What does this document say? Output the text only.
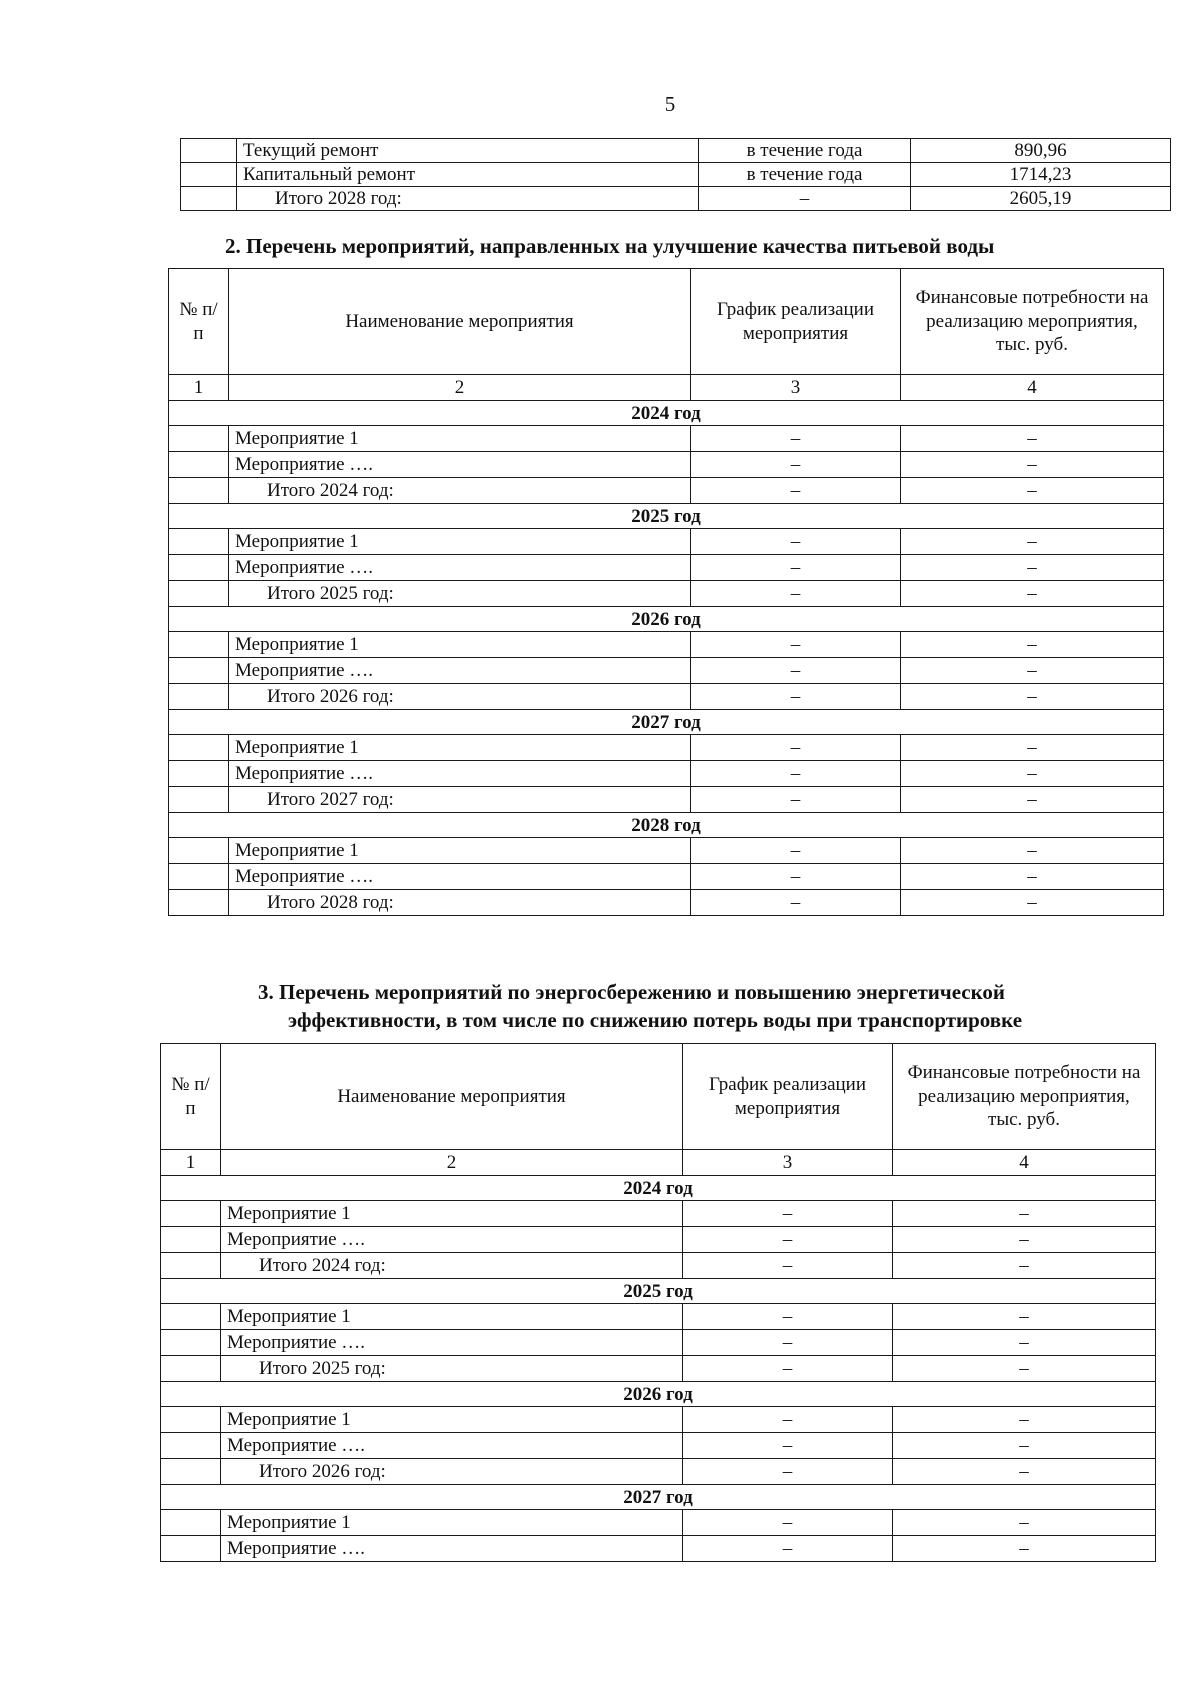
5
	Текущий ремонт	в течение года	890,96
	Капитальный ремонт	в течение года	1714,23
	Итого 2028 год:	–	2605,19
2. Перечень мероприятий, направленных на улучшение качества питьевой воды
№ п/п	Наименование мероприятия	График реализации мероприятия	Финансовые потребности на реализацию мероприятия, тыс. руб.
1	2	3	4
2024 год			
	Мероприятие 1	–	–
	Мероприятие ….	–	–
	Итого 2024 год:	–	–
2025 год			
	Мероприятие 1	–	–
	Мероприятие ….	–	–
	Итого 2025 год:	–	–
2026 год			
	Мероприятие 1	–	–
	Мероприятие ….	–	–
	Итого 2026 год:	–	–
2027 год			
	Мероприятие 1	–	–
	Мероприятие ….	–	–
	Итого 2027 год:	–	–
2028 год			
	Мероприятие 1	–	–
	Мероприятие ….	–	–
	Итого 2028 год:	–	–
3. Перечень мероприятий по энергосбережению и повышению энергетической
эффективности, в том числе по снижению потерь воды при транспортировке
№ п/п	Наименование мероприятия	График реализации мероприятия	Финансовые потребности на реализацию мероприятия, тыс. руб.
1	2	3	4
2024 год			
	Мероприятие 1	–	–
	Мероприятие ….	–	–
	Итого 2024 год:	–	–
2025 год			
	Мероприятие 1	–	–
	Мероприятие ….	–	–
	Итого 2025 год:	–	–
2026 год			
	Мероприятие 1	–	–
	Мероприятие ….	–	–
	Итого 2026 год:	–	–
2027 год			
	Мероприятие 1	–	–
	Мероприятие ….	–	–
